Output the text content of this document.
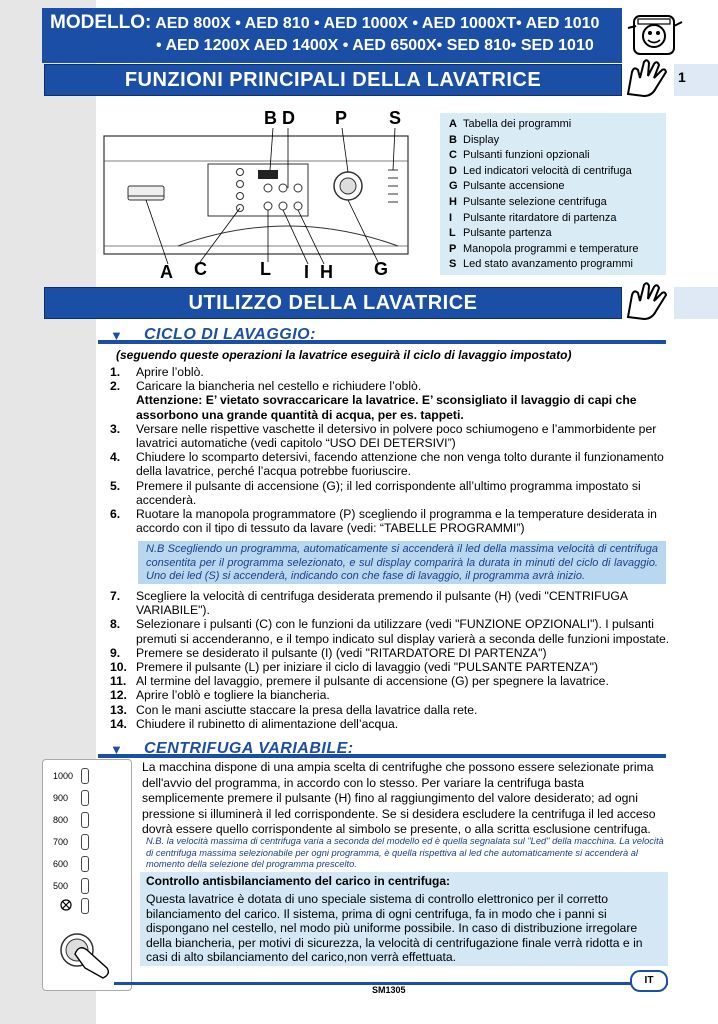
MODELLO: AED 800X • AED 810 • AED 1000X • AED 1000XT• AED 1010
• AED 1200X AED 1400X • AED 6500X• SED 810• SED 1010
FUNZIONI PRINCIPALI DELLA LAVATRICE	1
B D P S
A C	L I H G
A Tabella dei programmi
B Display
C Pulsanti funzioni opzionali
D Led indicatori velocità di centrifuga
G Pulsante accensione
H Pulsante selezione centrifuga
I Pulsante ritardatore di partenza
L Pulsante partenza
P Manopola programmi e temperature
S Led stato avanzamento programmi
UTILIZZO DELLA LAVATRICE
▼ CICLO DI LAVAGGIO:
(seguendo queste operazioni la lavatrice eseguirà il ciclo di lavaggio impostato)
1.	Aprire l’oblò.
2.	Caricare la biancheria nel cestello e richiudere l’oblò.
Attenzione: E’ vietato sovraccaricare la lavatrice. E’ sconsigliato il lavaggio di capi che assorbono una grande quantità di acqua, per es. tappeti.
3.	Versare nelle rispettive vaschette il detersivo in polvere poco schiumogeno e l’ammorbidente per lavatrici automatiche (vedi capitolo “USO DEI DETERSIVI”)
4.	Chiudere lo scomparto detersivi, facendo attenzione che non venga tolto durante il funzionamento della lavatrice, perché l’acqua potrebbe fuoriuscire.
5.	Premere il pulsante di accensione (G); il led corrispondente all’ultimo programma impostato si accenderà.
6.	Ruotare la manopola programmatore (P) scegliendo il programma e la temperature desiderata in accordo con il tipo di tessuto da lavare (vedi: “TABELLE PROGRAMMI”)
N.B Scegliendo un programma, automaticamente si accenderà il led della massima velocità di centrifuga consentita per il programma selezionato, e sul display comparirà la durata in minuti del ciclo di lavaggio. Uno dei led (S) si accenderà, indicando con che fase di lavaggio, il programma avrà inizio.
7.	Scegliere la velocità di centrifuga desiderata premendo il pulsante (H) (vedi "CENTRIFUGA VARIABILE").
8.	Selezionare i pulsanti (C) con le funzioni da utilizzare (vedi "FUNZIONE OPZIONALI"). I pulsanti premuti si accenderanno, e il tempo indicato sul display varierà a seconda delle funzioni impostate.
9.	Premere se desiderato il pulsante (I) (vedi "RITARDATORE DI PARTENZA")
10. Premere il pulsante (L) per iniziare il ciclo di lavaggio (vedi "PULSANTE PARTENZA")
11. Al termine del lavaggio, premere il pulsante di accensione (G) per spegnere la lavatrice.
12. Aprire l’oblò e togliere la biancheria.
13. Con le mani asciutte staccare la presa della lavatrice dalla rete.
14. Chiudere il rubinetto di alimentazione dell’acqua.
▼ CENTRIFUGA VARIABILE:
1000
900
800
700
600
500
La macchina dispone di una ampia scelta di centrifughe che possono essere selezionate prima dell'avvio del programma, in accordo con lo stesso. Per variare la centrifuga basta semplicemente premere il pulsante (H) fino al raggiungimento del valore desiderato; ad ogni pressione si illuminerà il led corrispondente. Se si desidera escludere la centrifuga il led acceso dovrà essere quello corrispondente al simbolo se presente, o alla scritta esclusione centrifuga.
N.B. la velocità massima di centrifuga varia a seconda del modello ed è quella segnalata sul "Led" della macchina. La velocità di centrifuga massima selezionabile per ogni programma, è quella rispettiva al led che automaticamente si accenderà al momento della selezione del programma prescelto.
Controllo antisbilanciamento del carico in centrifuga:
Questa lavatrice è dotata di uno speciale sistema di controllo elettronico per il corretto bilanciamento del carico. Il sistema, prima di ogni centrifuga, fa in modo che i panni si dispongano nel cestello, nel modo più uniforme possibile. In caso di distribuzione irregolare della biancheria, per motivi di sicurezza, la velocità di centrifugazione finale verrà ridotta e in casi di alto sbilanciamento del carico,non verrà effettuata.
SM1305
IT
